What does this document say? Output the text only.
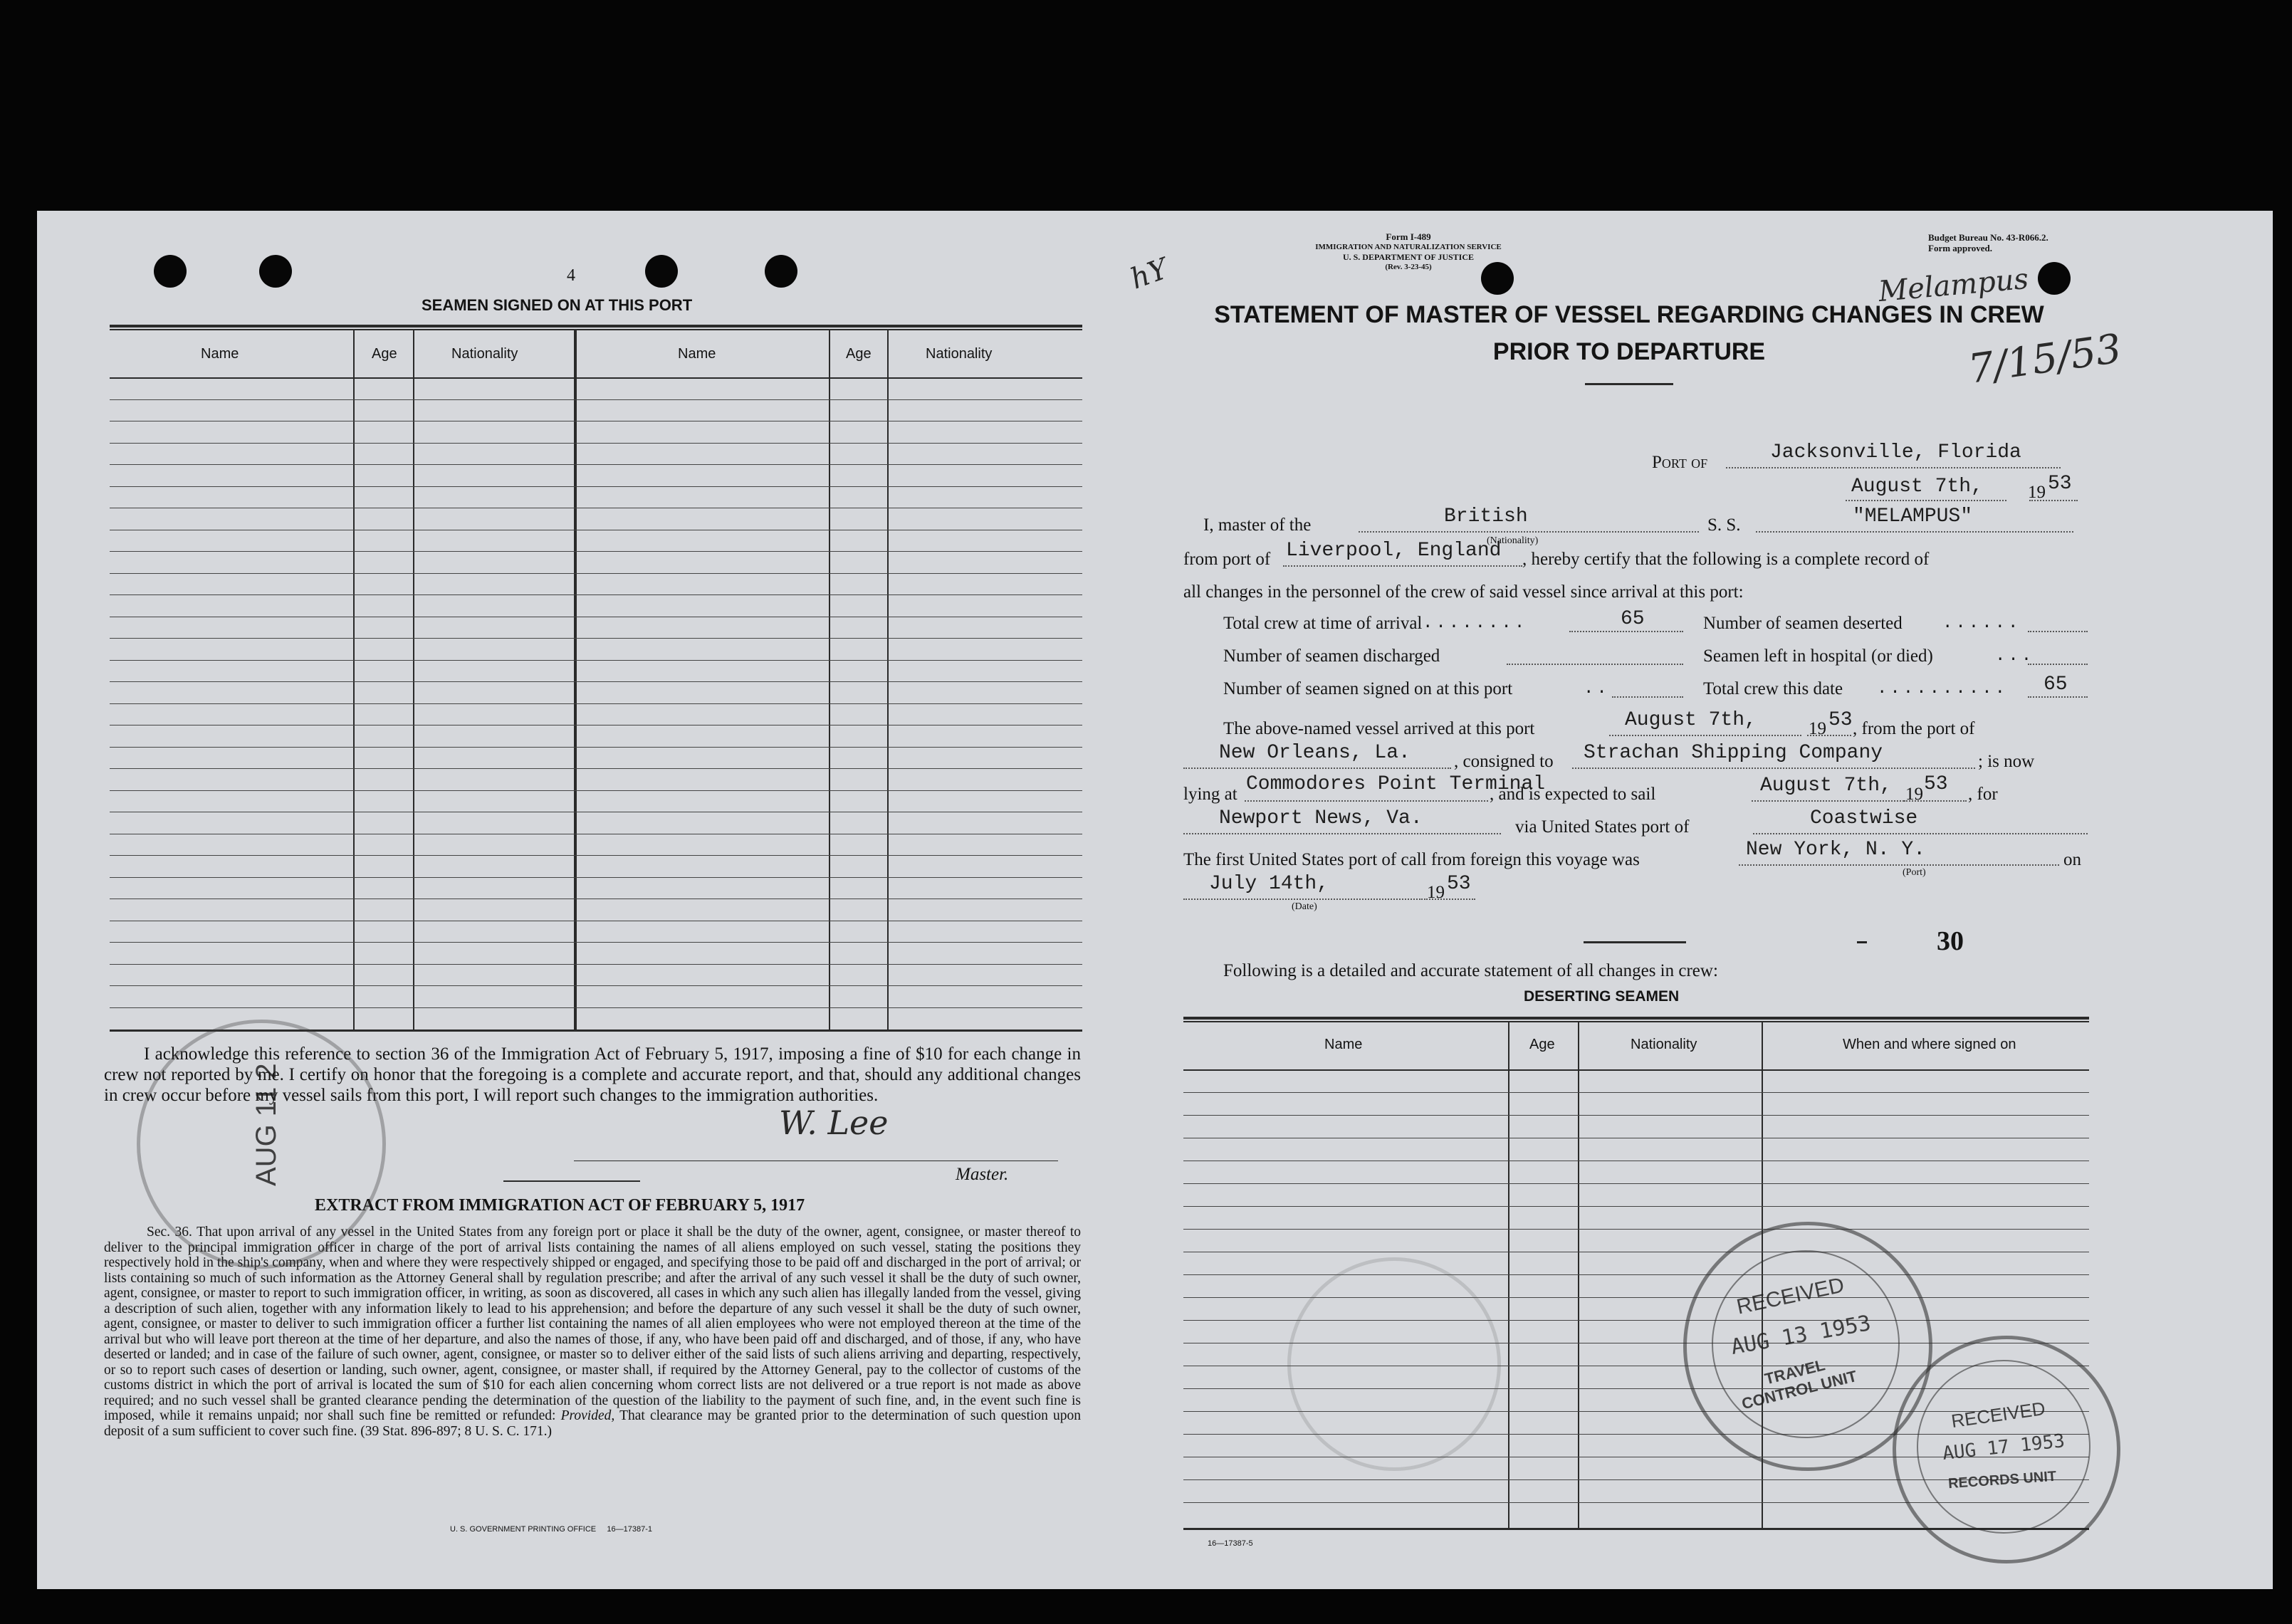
4
SEAMEN SIGNED ON AT THIS PORT
Name	Age	Nationality	Name	Age	Nationality
I acknowledge this reference to section 36 of the Immigration Act of February 5, 1917, imposing a fine of $10 for each change in crew not reported by me. I certify on honor that the foregoing is a complete and accurate report, and that, should any additional changes in crew occur before my vessel sails from this port, I will report such changes to the immigration authorities.
W. Lee
Master.
EXTRACT FROM IMMIGRATION ACT OF FEBRUARY 5, 1917
Sec. 36. That upon arrival of any vessel in the United States from any foreign port or place it shall be the duty of the owner, agent, consignee, or master thereof to deliver to the principal immigration officer in charge of the port of arrival lists containing the names of all aliens employed on such vessel, stating the positions they respectively hold in the ship's company, when and where they were respectively shipped or engaged, and specifying those to be paid off and discharged in the port of arrival; or lists containing so much of such information as the Attorney General shall by regulation prescribe; and after the arrival of any such vessel it shall be the duty of such owner, agent, consignee, or master to report to such immigration officer, in writing, as soon as discovered, all cases in which any such alien has illegally landed from the vessel, giving a description of such alien, together with any information likely to lead to his apprehension; and before the departure of any such vessel it shall be the duty of such owner, agent, consignee, or master to deliver to such immigration officer a further list containing the names of all alien employees who were not employed thereon at the time of the arrival but who will leave port thereon at the time of her departure, and also the names of those, if any, who have been paid off and discharged, and of those, if any, who have deserted or landed; and in case of the failure of such owner, agent, consignee, or master so to deliver either of the said lists of such aliens arriving and departing, respectively, or so to report such cases of desertion or landing, such owner, agent, consignee, or master shall, if required by the Attorney General, pay to the collector of customs of the customs district in which the port of arrival is located the sum of $10 for each alien concerning whom correct lists are not delivered or a true report is not made as above required; and no such vessel shall be granted clearance pending the determination of the question of the liability to the payment of such fine, and, in the event such fine is imposed, while it remains unpaid; nor shall such fine be remitted or refunded: Provided, That clearance may be granted prior to the determination of such question upon deposit of a sum sufficient to cover such fine. (39 Stat. 896-897; 8 U. S. C. 171.)
U. S. GOVERNMENT PRINTING OFFICE     16—17387-1
AUG 11 2
Form I-489
IMMIGRATION AND NATURALIZATION SERVICE
U. S. DEPARTMENT OF JUSTICE
(Rev. 3-23-45)
Budget Bureau No. 43-R066.2.
Form approved.
hY	Melampus
7/15/53
STATEMENT OF MASTER OF VESSEL REGARDING CHANGES IN CREW
PRIOR TO DEPARTURE
Port of	Jacksonville, Florida
August 7th,	19 53
I, master of the	British
(Nationality)
S. S.	"MELAMPUS"
from port of Liverpool, England , hereby certify that the following is a complete record of
all changes in the personnel of the crew of said vessel since arrival at this port:
Total crew at time of arrival ........	65	Number of seamen deserted ......
Number of seamen discharged	Seamen left in hospital (or died)	...
Number of seamen signed on at this port	..	Total crew this date .......... 65
The above-named vessel arrived at this port	August 7th,	19 53 , from the port of
New Orleans, La. , consigned to Strachan Shipping Company	; is now
lying at Commodores Point Terminal
, and is expected to sail	August 7th, 19 53 , for
Newport News, Va.	via United States port of	Coastwise
The first United States port of call from foreign this voyage was	New York, N. Y.
(Port)
on
July 14th,	19 53
(Date)
30
Following is a detailed and accurate statement of all changes in crew:
DESERTING SEAMEN
Name	Age	Nationality	When and where signed on
16—17387-5
RECEIVED
AUG 13 1953
TRAVEL CONTROL UNIT
RECEIVED
AUG 17 1953
RECORDS UNIT
